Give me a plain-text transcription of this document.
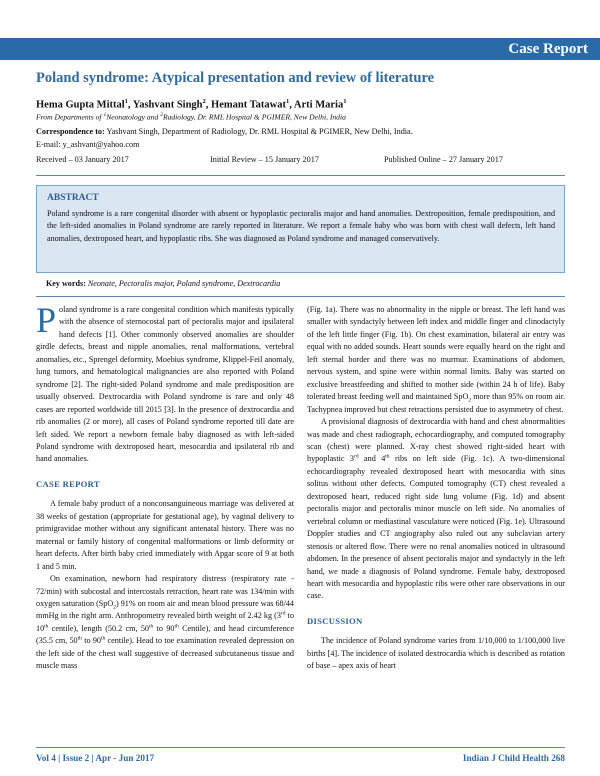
Case Report
Poland syndrome: Atypical presentation and review of literature
Hema Gupta Mittal$^1$, Yashvant Singh$^2$, Hemant Tatawat$^1$, Arti Maria$^1$
From Departments of $^1$Neonatology and $^2$Radiology, Dr. RML Hospital & PGIMER, New Delhi, India
Correspondence to: Yashvant Singh, Department of Radiology, Dr. RML Hospital & PGIMER, New Delhi, India.
E-mail: y_ashvant@yahoo.com
Received – 03 January 2017	Initial Review – 15 January 2017	Published Online – 27 January 2017
ABSTRACT
Poland syndrome is a rare congenital disorder with absent or hypoplastic pectoralis major and hand anomalies. Dextroposition, female predisposition, and the left-sided anomalies in Poland syndrome are rarely reported in literature. We report a female baby who was born with chest wall defects, left hand anomalies, dextroposed heart, and hypoplastic ribs. She was diagnosed as Poland syndrome and managed conservatively.
Key words: Neonate, Pectoralis major, Poland syndrome, Dextrocardia

Poland syndrome is a rare congenital condition which manifests typically with the absence of sternocostal part of pectoralis major and ipsilateral hand defects [1]. Other commonly observed anomalies are shoulder girdle defects, breast and nipple anomalies, renal malformations, vertebral anomalies, etc., Sprengel deformity, Moebius syndrome, Klippel-Feil anomaly, lung tumors, and hematological malignancies are also reported with Poland syndrome [2]. The right-sided Poland syndrome and male predisposition are usually observed. Dextrocardia with Poland syndrome is rare and only 48 cases are reported worldwide till 2015 [3]. In the presence of dextrocardia and rib anomalies (2 or more), all cases of Poland syndrome reported till date are left sided. We report a newborn female baby diagnosed as with left-sided Poland syndrome with dextroposed heart, mesocardia and ipsilateral rib and hand anomalies.

CASE REPORT

A female baby product of a nonconsanguineous marriage was delivered at 38 weeks of gestation (appropriate for gestational age), by vaginal delivery to primigravidae mother without any significant antenatal history. There was no maternal or family history of congenital malformations or limb deformity or heart defects. After birth baby cried immediately with Apgar score of 9 at both 1 and 5 min.

On examination, newborn had respiratory distress (respiratory rate - 72/min) with subcostal and intercostals retraction, heart rate was 134/min with oxygen saturation (SpO$_2$) 91% on room air and mean blood pressure was 68/44 mmHg in the right arm. Anthropometry revealed birth weight of 2.42 kg (3rd to 10th centile), length (50.2 cm, 50th to 90th Centile), and head circumference (35.5 cm, 50th to 90th centile). Head to toe examination revealed depression on the left side of the chest wall suggestive of decreased subcutaneous tissue and muscle mass

(Fig. 1a). There was no abnormality in the nipple or breast. The left hand was smaller with syndactyly between left index and middle finger and clinodactyly of the left little finger (Fig. 1b). On chest examination, bilateral air entry was equal with no added sounds. Heart sounds were equally heard on the right and left sternal border and there was no murmur. Examinations of abdomen, nervous system, and spine were within normal limits. Baby was started on exclusive breastfeeding and shifted to mother side (within 24 h of life). Baby tolerated breast feeding well and maintained SpO$_2$ more than 95% on room air. Tachypnea improved but chest retractions persisted due to asymmetry of chest.

A provisional diagnosis of dextrocardia with hand and chest abnormalities was made and chest radiograph, echocardiography, and computed tomography scan (chest) were planned. X-ray chest showed right-sided heart with hypoplastic 3rd and 4th ribs on left side (Fig. 1c). A two-dimensional echocardiography revealed dextroposed heart with mesocardia with situs solitus without other defects. Computed tomography (CT) chest revealed a dextroposed heart, reduced right side lung volume (Fig. 1d) and absent pectoralis major and pectoralis minor muscle on left side. No anomalies of vertebral column or mediastinal vasculature were noticed (Fig. 1e). Ultrasound Doppler studies and CT angiography also ruled out any subclavian artery stenosis or altered flow. There were no renal anomalies noticed in ultrasound abdomen. In the presence of absent pectoralis major and syndactyly in the left hand, we made a diagnosis of Poland syndrome. Female baby, dextroposed heart with mesocardia and hypoplastic ribs were other rare observations in our case.

DISCUSSION

The incidence of Poland syndrome varies from 1/10,000 to 1/100,000 live births [4]. The incidence of isolated dextrocardia which is described as rotation of base – apex axis of heart

Vol 4 | Issue 2 | Apr - Jun 2017	Indian J Child Health 268
